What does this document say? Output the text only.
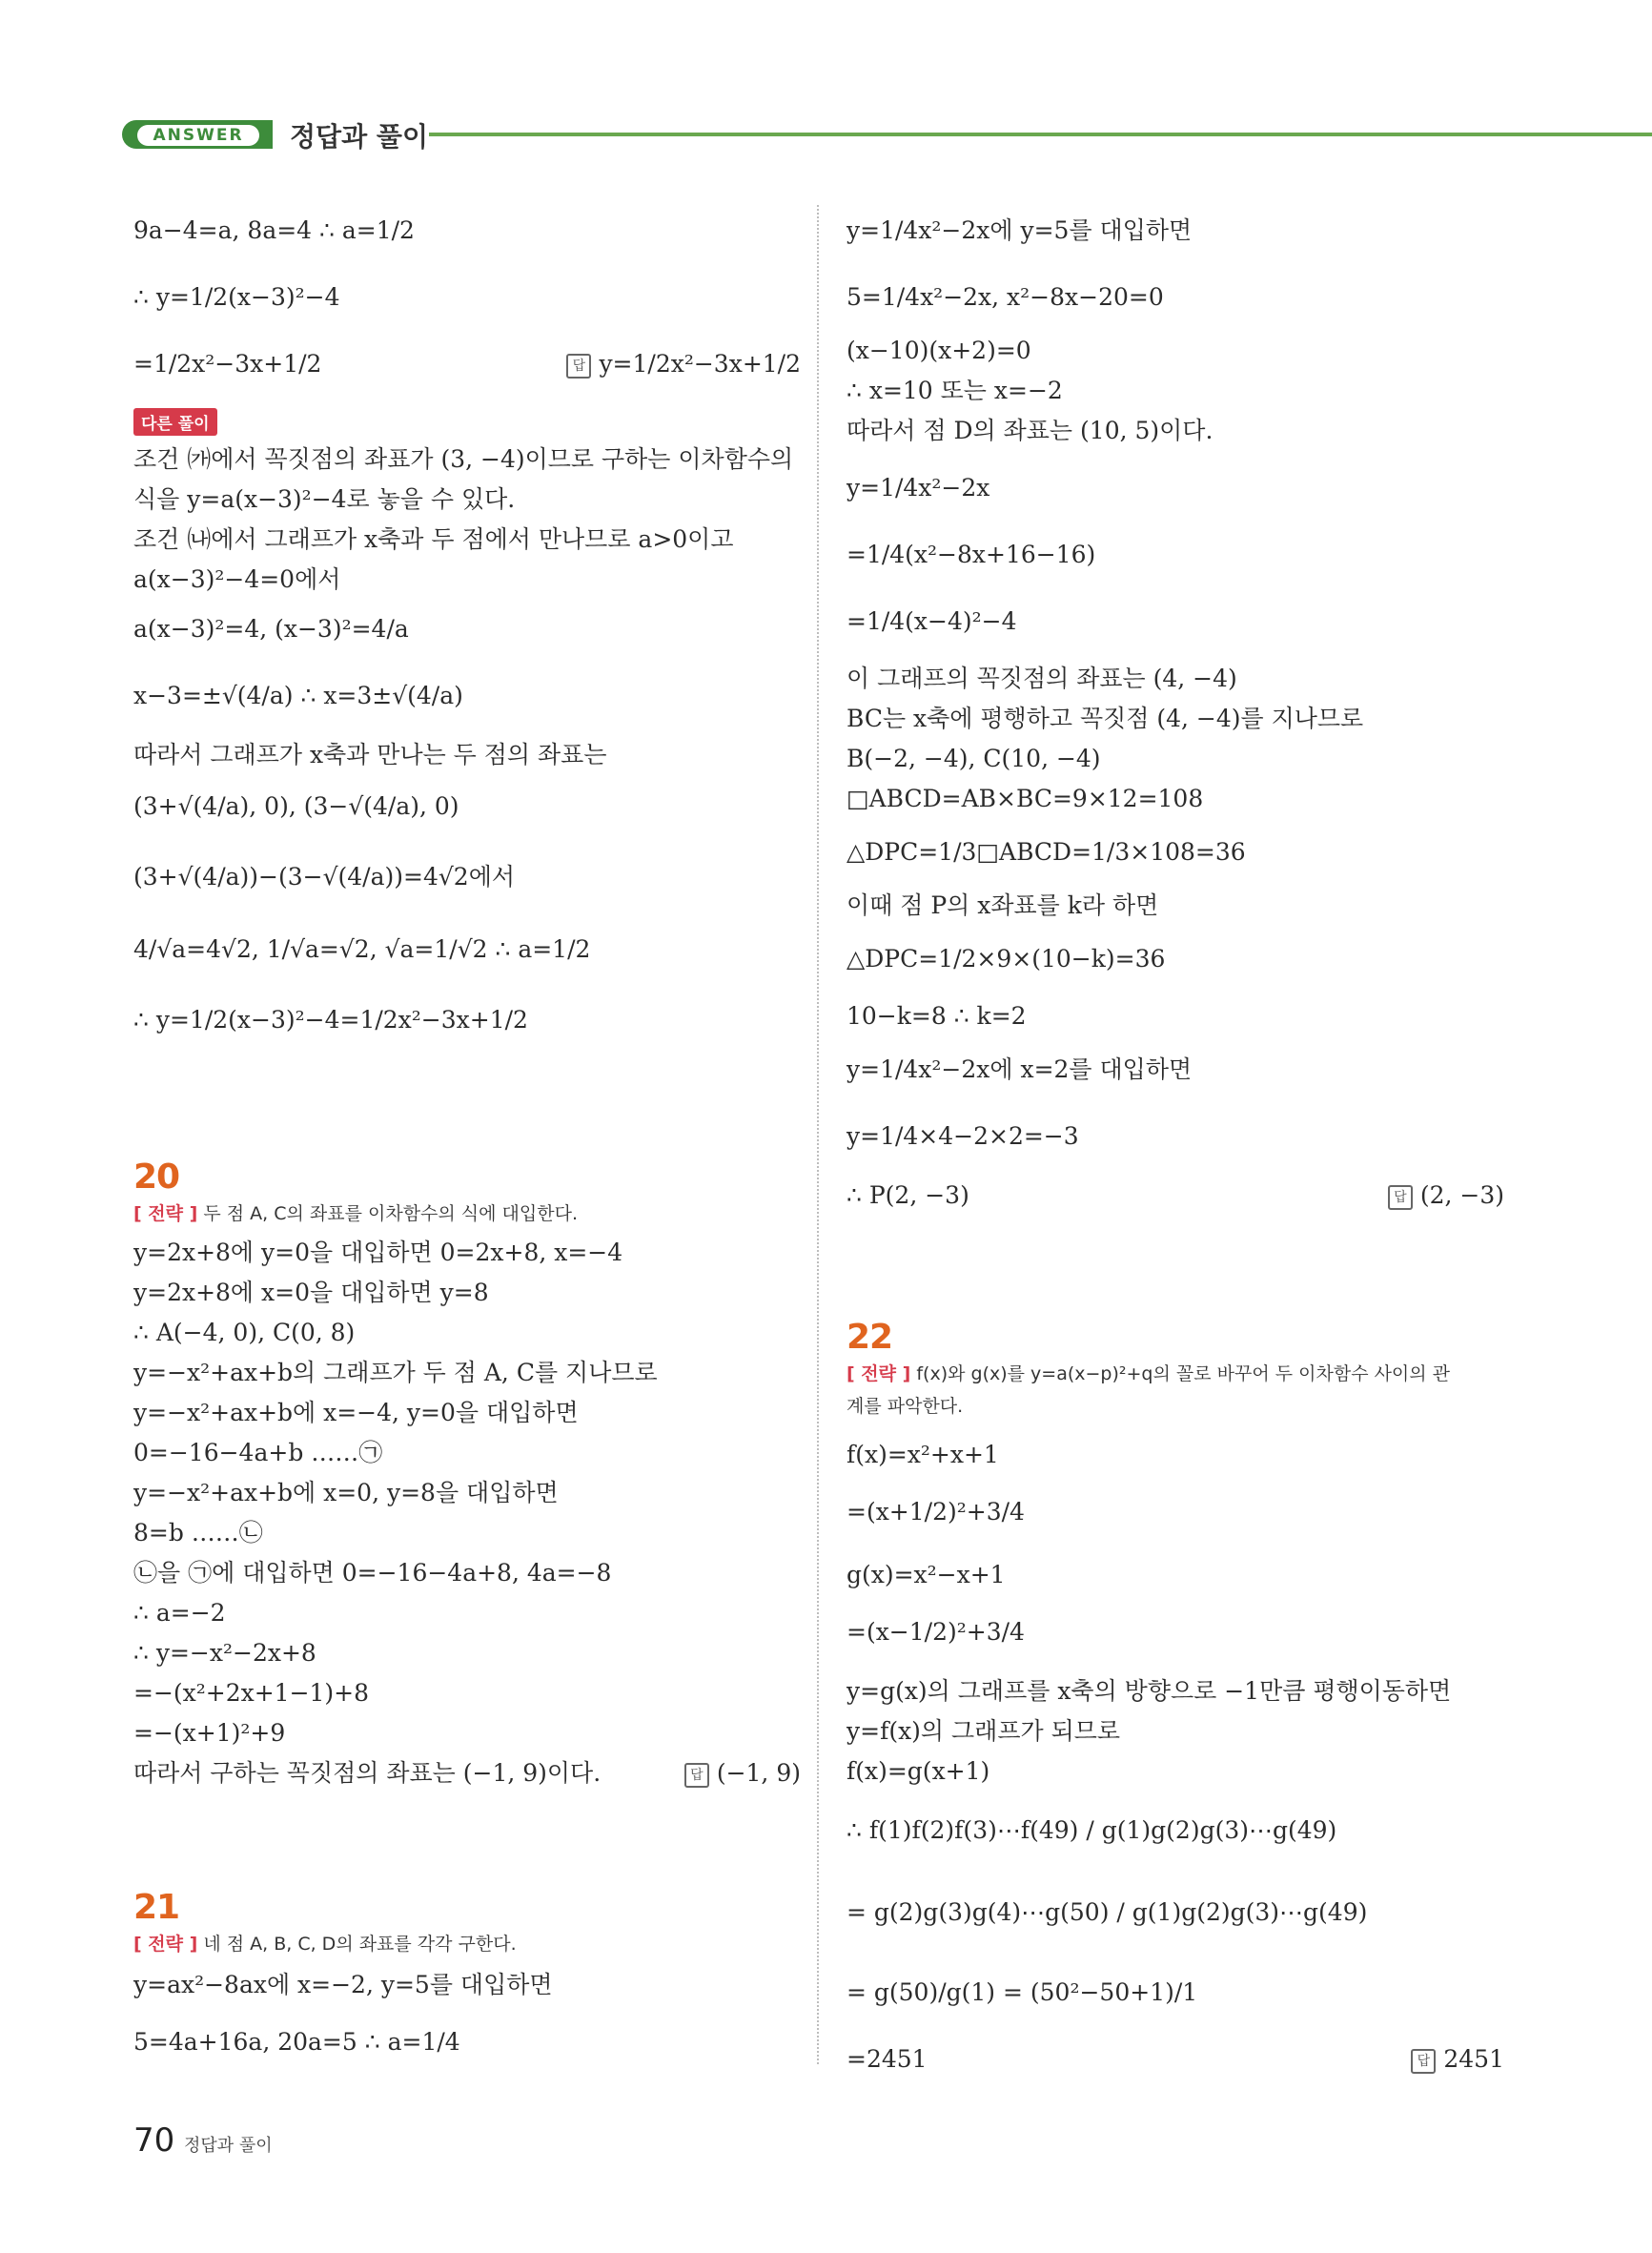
ANSWER	정답과 풀이
다른 풀이
20
[ 전략 ] 두 점 A, C의 좌표를 이차함수의 식에 대입한다.
21
[ 전략 ] 네 점 A, B, C, D의 좌표를 각각 구한다.
9a−4=a, 8a=4 ∴ a=1/2
∴ y=1/2(x−3)²−4
=1/2x²−3x+1/2
조건 ㈎에서 꼭짓점의 좌표가 (3, −4)이므로 구하는 이차함수의
식을 y=a(x−3)²−4로 놓을 수 있다.
조건 ㈏에서 그래프가 x축과 두 점에서 만나므로 a>0이고
a(x−3)²−4=0에서
a(x−3)²=4, (x−3)²=4/a
x−3=±√(4/a) ∴ x=3±√(4/a)
따라서 그래프가 x축과 만나는 두 점의 좌표는
(3+√(4/a), 0), (3−√(4/a), 0)
(3+√(4/a))−(3−√(4/a))=4√2에서
4/√a=4√2, 1/√a=√2, √a=1/√2 ∴ a=1/2
∴ y=1/2(x−3)²−4=1/2x²−3x+1/2
y=2x+8에 y=0을 대입하면 0=2x+8, x=−4
y=2x+8에 x=0을 대입하면 y=8
∴ A(−4, 0), C(0, 8)
y=−x²+ax+b의 그래프가 두 점 A, C를 지나므로
y=−x²+ax+b에 x=−4, y=0을 대입하면
0=−16−4a+b ……㉠
y=−x²+ax+b에 x=0, y=8을 대입하면
8=b ……㉡
㉡을 ㉠에 대입하면 0=−16−4a+8, 4a=−8
∴ a=−2
∴ y=−x²−2x+8
=−(x²+2x+1−1)+8
=−(x+1)²+9
따라서 구하는 꼭짓점의 좌표는 (−1, 9)이다.
y=ax²−8ax에 x=−2, y=5를 대입하면
5=4a+16a, 20a=5 ∴ a=1/4
답 y=1/2x²−3x+1/2
답 (−1, 9)
22
[ 전략 ] f(x)와 g(x)를 y=a(x−p)²+q의 꼴로 바꾸어 두 이차함수 사이의 관
계를 파악한다.
y=1/4x²−2x에 y=5를 대입하면
5=1/4x²−2x, x²−8x−20=0
(x−10)(x+2)=0
∴ x=10 또는 x=−2
따라서 점 D의 좌표는 (10, 5)이다.
y=1/4x²−2x
=1/4(x²−8x+16−16)
=1/4(x−4)²−4
이 그래프의 꼭짓점의 좌표는 (4, −4)
BC는 x축에 평행하고 꼭짓점 (4, −4)를 지나므로
B(−2, −4), C(10, −4)
□ABCD=AB×BC=9×12=108
△DPC=1/3□ABCD=1/3×108=36
이때 점 P의 x좌표를 k라 하면
△DPC=1/2×9×(10−k)=36
10−k=8 ∴ k=2
y=1/4x²−2x에 x=2를 대입하면
y=1/4×4−2×2=−3
∴ P(2, −3)
f(x)=x²+x+1
=(x+1/2)²+3/4
g(x)=x²−x+1
=(x−1/2)²+3/4
y=g(x)의 그래프를 x축의 방향으로 −1만큼 평행이동하면
y=f(x)의 그래프가 되므로
f(x)=g(x+1)
∴ f(1)f(2)f(3)⋯f(49) / g(1)g(2)g(3)⋯g(49)
= g(2)g(3)g(4)⋯g(50) / g(1)g(2)g(3)⋯g(49)
= g(50)/g(1) = (50²−50+1)/1
=2451
답 (2, −3)
답 2451
70 정답과 풀이
